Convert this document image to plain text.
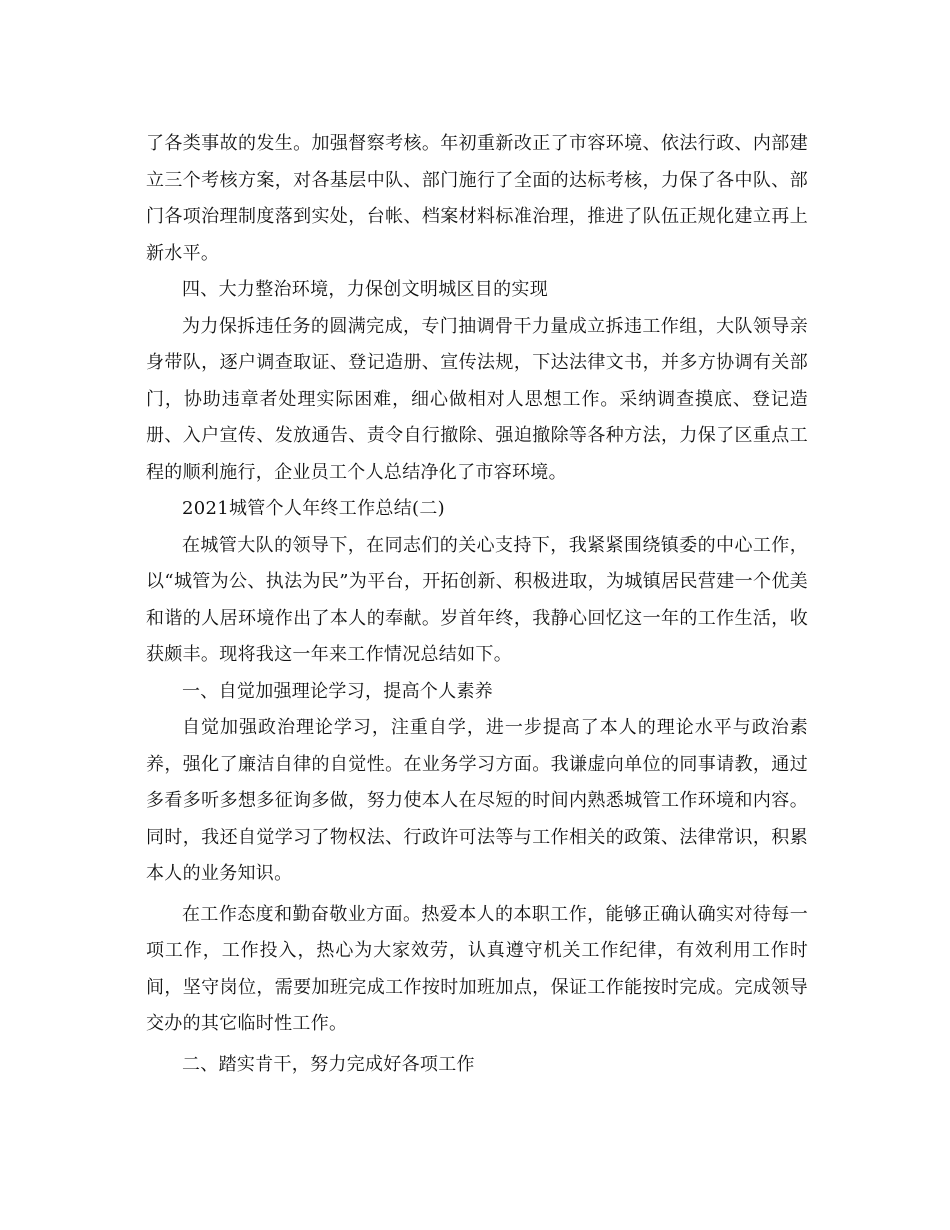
了各类事故的发生。加强督察考核。年初重新改正了市容环境、依法行政、内部建立三个考核方案，对各基层中队、部门施行了全面的达标考核，力保了各中队、部门各项治理制度落到实处，台帐、档案材料标准治理，推进了队伍正规化建立再上新水平。

四、大力整治环境，力保创文明城区目的实现

为力保拆违任务的圆满完成，专门抽调骨干力量成立拆违工作组，大队领导亲身带队，逐户调查取证、登记造册、宣传法规，下达法律文书，并多方协调有关部门，协助违章者处理实际困难，细心做相对人思想工作。采纳调查摸底、登记造册、入户宣传、发放通告、责令自行撤除、强迫撤除等各种方法，力保了区重点工程的顺利施行，企业员工个人总结净化了市容环境。

2021城管个人年终工作总结(二)

在城管大队的领导下，在同志们的关心支持下，我紧紧围绕镇委的中心工作，以“城管为公、执法为民”为平台，开拓创新、积极进取，为城镇居民营建一个优美和谐的人居环境作出了本人的奉献。岁首年终，我静心回忆这一年的工作生活，收获颇丰。现将我这一年来工作情况总结如下。

一、自觉加强理论学习，提高个人素养

自觉加强政治理论学习，注重自学，进一步提高了本人的理论水平与政治素养，强化了廉洁自律的自觉性。在业务学习方面。我谦虚向单位的同事请教，通过多看多听多想多征询多做，努力使本人在尽短的时间内熟悉城管工作环境和内容。同时，我还自觉学习了物权法、行政许可法等与工作相关的政策、法律常识，积累本人的业务知识。

在工作态度和勤奋敬业方面。热爱本人的本职工作，能够正确认确实对待每一项工作，工作投入，热心为大家效劳，认真遵守机关工作纪律，有效利用工作时间，坚守岗位，需要加班完成工作按时加班加点，保证工作能按时完成。完成领导交办的其它临时性工作。

二、踏实肯干，努力完成好各项工作
